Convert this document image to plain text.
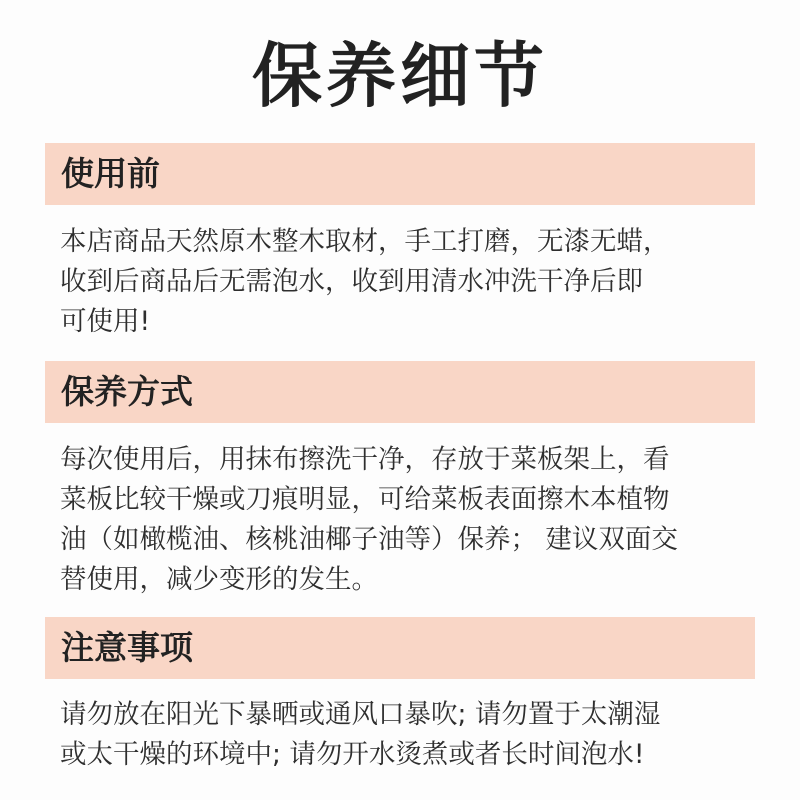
保养细节
使用前
本店商品天然原木整木取材，手工打磨，无漆无蜡，
收到后商品后无需泡水，收到用清水冲洗干净后即
可使用!
保养方式
每次使用后，用抹布擦洗干净，存放于菜板架上，看
菜板比较干燥或刀痕明显，可给菜板表面擦木本植物
油（如橄榄油、核桃油椰子油等）保养； 建议双面交
替使用，减少变形的发生。
注意事项
请勿放在阳光下暴晒或通风口暴吹; 请勿置于太潮湿
或太干燥的环境中; 请勿开水烫煮或者长时间泡水!
